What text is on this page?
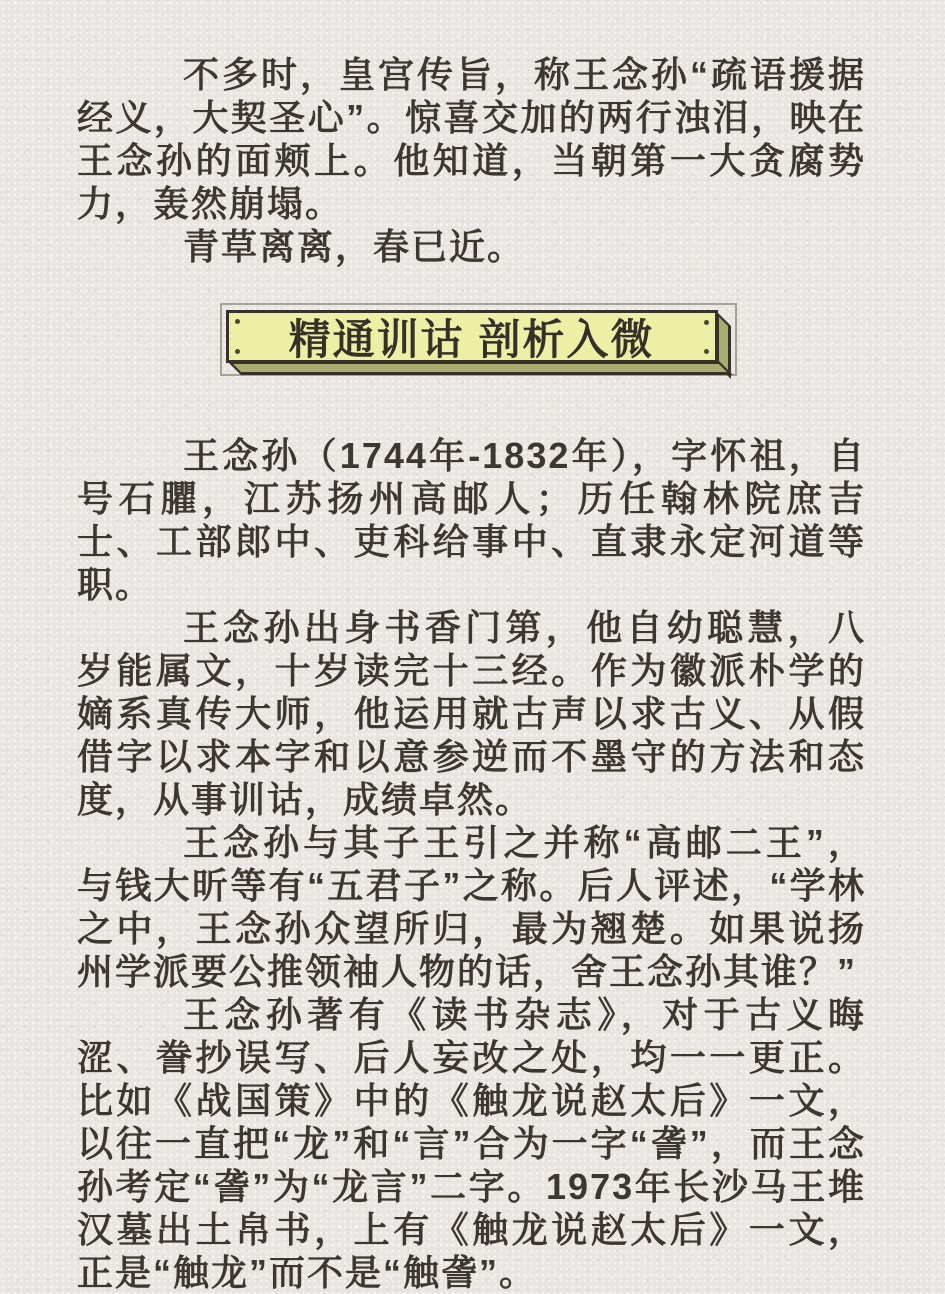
不多时，皇宫传旨，称王念孙“疏语援据经义，大契圣心”。惊喜交加的两行浊泪，映在王念孙的面颊上。他知道，当朝第一大贪腐势力，轰然崩塌。

青草离离，春已近。

精通训诂 剖析入微

王念孙（1744年-1832年），字怀祖，自号石臞，江苏扬州高邮人；历任翰林院庶吉士、工部郎中、吏科给事中、直隶永定河道等职。

王念孙出身书香门第，他自幼聪慧，八岁能属文，十岁读完十三经。作为徽派朴学的嫡系真传大师，他运用就古声以求古义、从假借字以求本字和以意参逆而不墨守的方法和态度，从事训诂，成绩卓然。

王念孙与其子王引之并称“高邮二王”，与钱大昕等有“五君子”之称。后人评述，“学林之中，王念孙众望所归，最为翘楚。如果说扬州学派要公推领袖人物的话，舍王念孙其谁？”

王念孙著有《读书杂志》，对于古义晦涩、誊抄误写、后人妄改之处，均一一更正。比如《战国策》中的《触龙说赵太后》一文，以往一直把“龙”和“言”合为一字“詟”，而王念孙考定“詟”为“龙言”二字。1973年长沙马王堆汉墓出土帛书，上有《触龙说赵太后》一文，正是“触龙”而不是“触詟”。
